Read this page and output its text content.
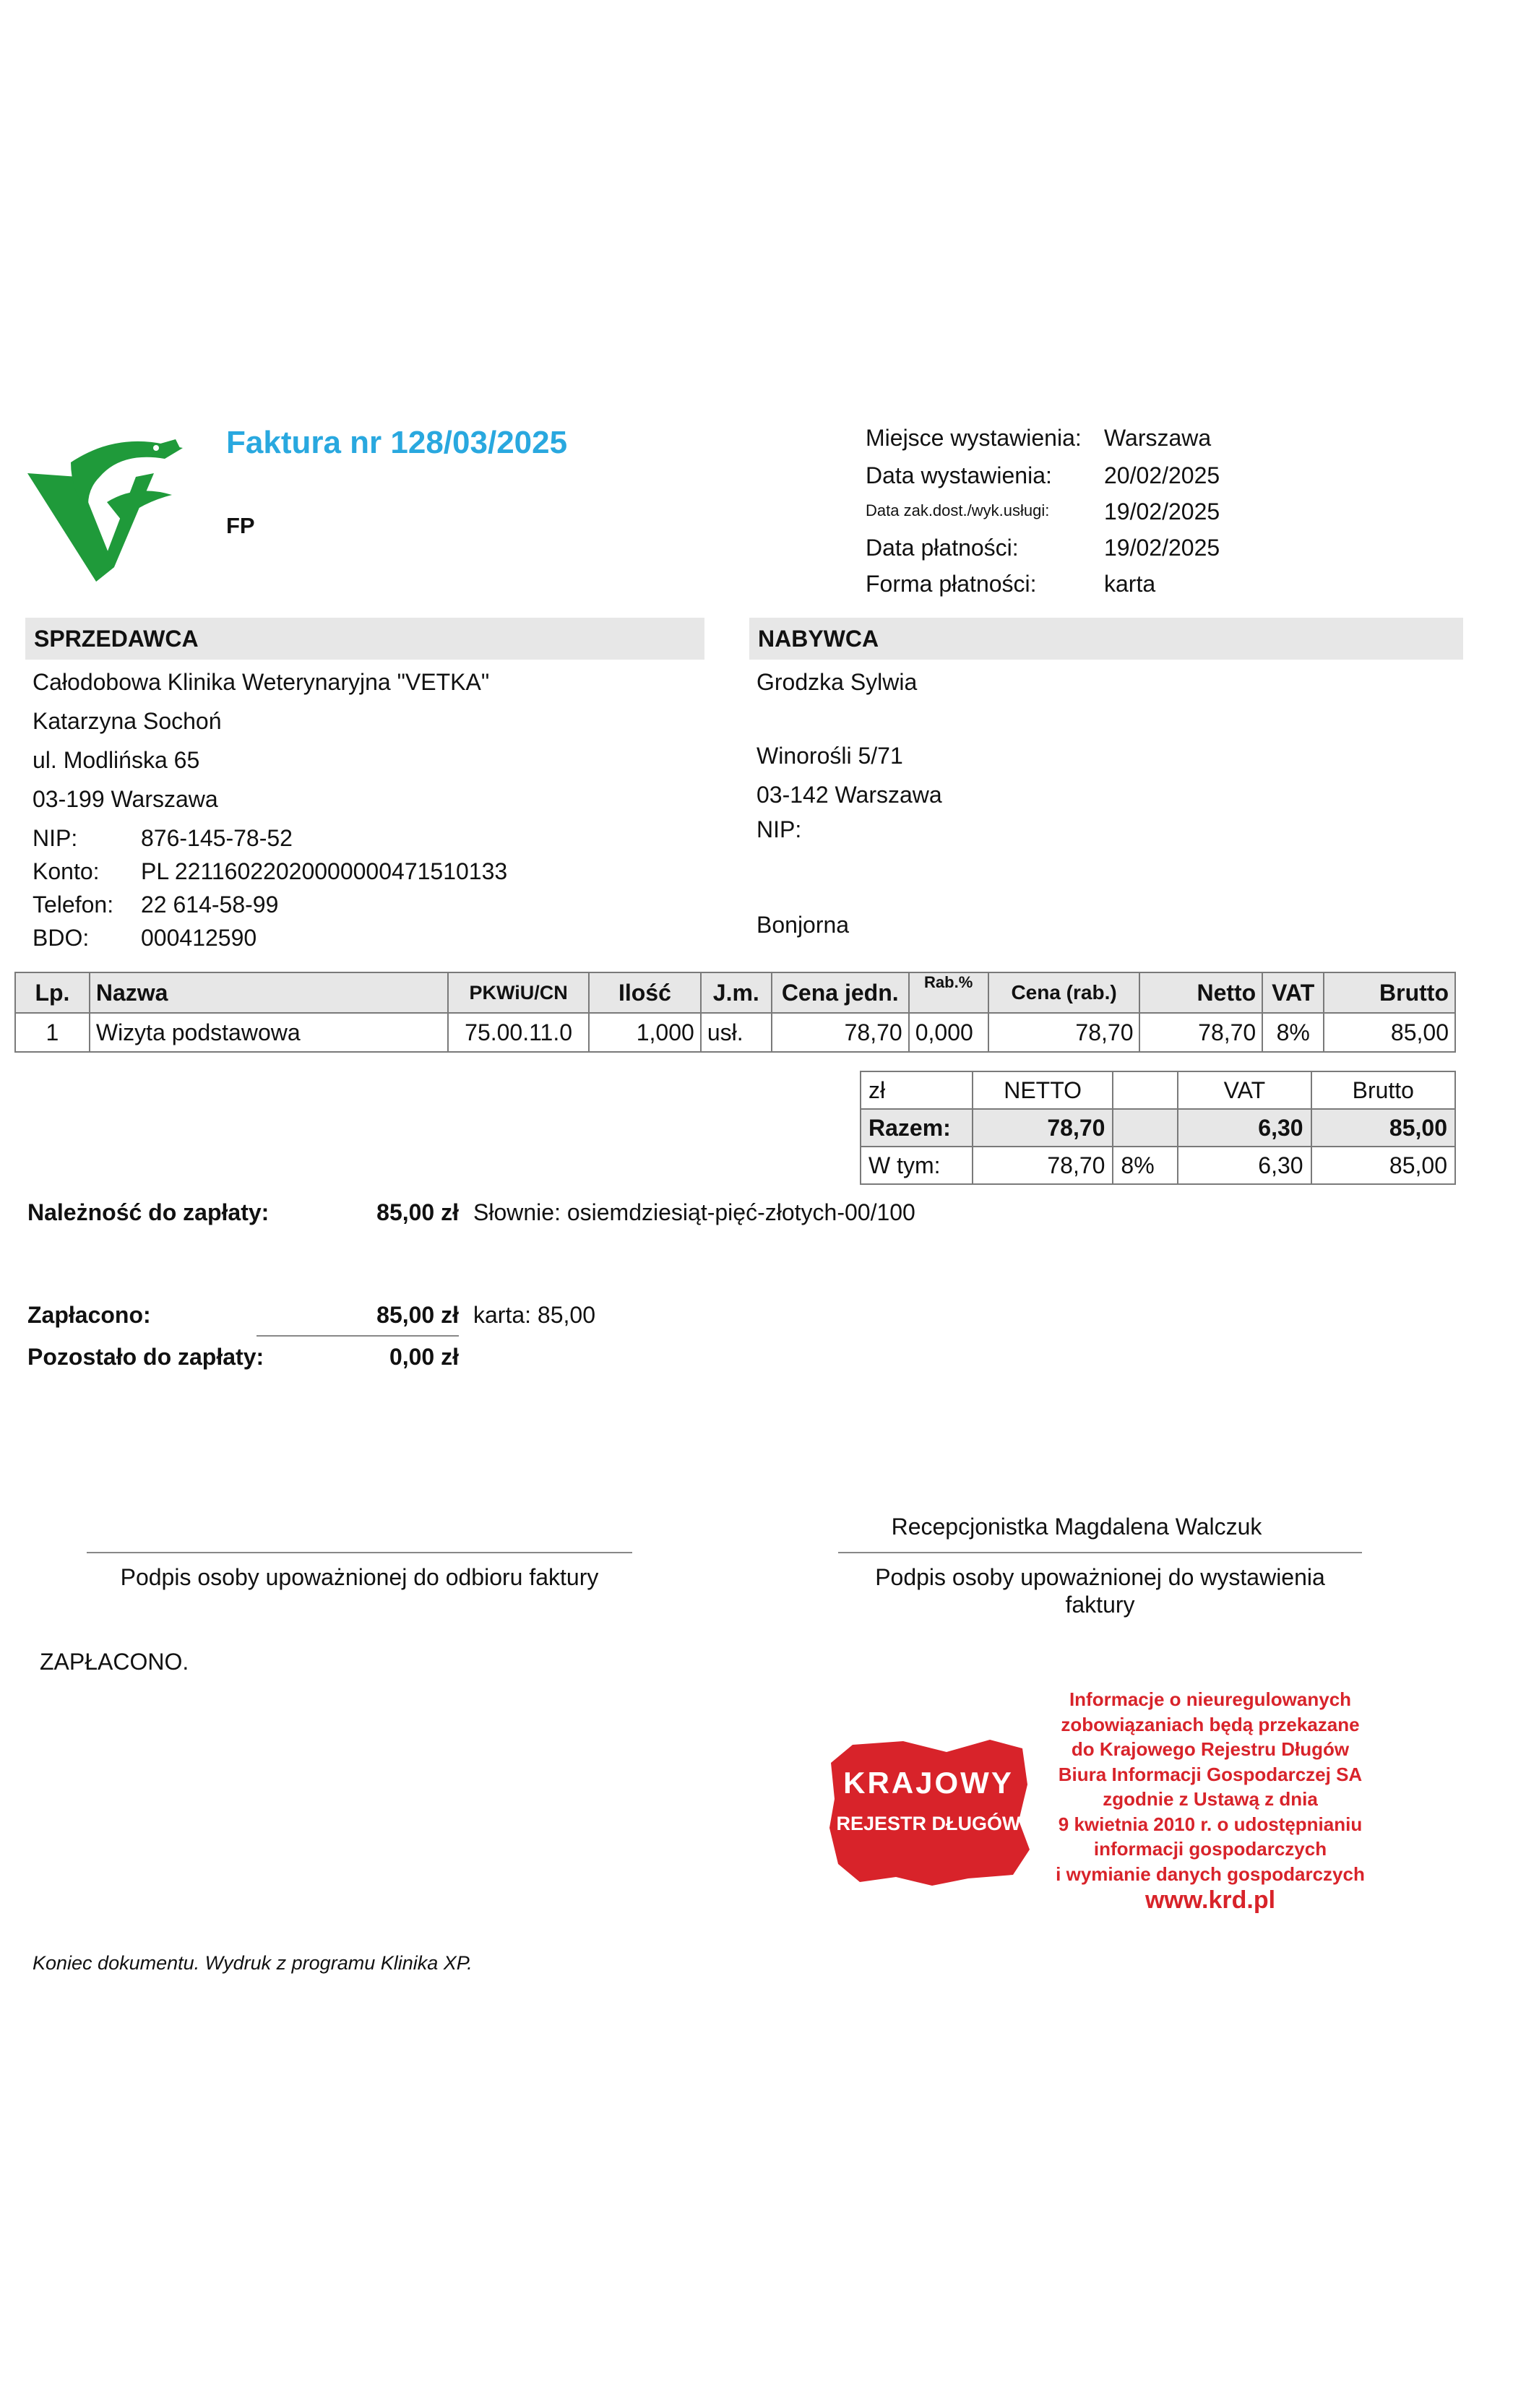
Faktura nr 128/03/2025
FP
Miejsce wystawienia: Warszawa
Data wystawienia: 20/02/2025
Data zak.dost./wyk.usługi: 19/02/2025
Data płatności:	19/02/2025
Forma płatności:	karta
SPRZEDAWCA
Całodobowa Klinika Weterynaryjna "VETKA"
Katarzyna Sochoń
ul. Modlińska 65
03-199 Warszawa
NIP:	876-145-78-52
Konto: PL 22116022020000000471510133
Telefon: 22 614-58-99
BDO: 000412590
NABYWCA
Grodzka Sylwia
Winorośli 5/71
03-142 Warszawa
NIP:
Bonjorna
Lp.	Nazwa	PKWiU/CN	Ilość	J.m.	Cena jedn.	Rab.%	Cena (rab.)	Netto	VAT	Brutto
1	Wizyta podstawowa	75.00.11.0	1,000	usł.	78,70	0,000	78,70	78,70	8%	85,00
zł	NETTO		VAT	Brutto
Razem:	78,70		6,30	85,00
W tym:	78,70	8%	6,30	85,00
Należność do zapłaty:	85,00 zł Słownie: osiemdziesiąt-pięć-złotych-00/100
Zapłacono:	85,00 zł karta: 85,00
Pozostało do zapłaty:	0,00 zł
Recepcjonistka Magdalena Walczuk
Podpis osoby upoważnionej do odbioru faktury	Podpis osoby upoważnionej do wystawienia
faktury
ZAPŁACONO.
KRAJOWY
REJESTR DŁUGÓW
Informacje o nieuregulowanych
zobowiązaniach będą przekazane
do Krajowego Rejestru Długów
Biura Informacji Gospodarczej SA
zgodnie z Ustawą z dnia
9 kwietnia 2010 r. o udostępnianiu
informacji gospodarczych
i wymianie danych gospodarczych
www.krd.pl
Koniec dokumentu. Wydruk z programu Klinika XP.
